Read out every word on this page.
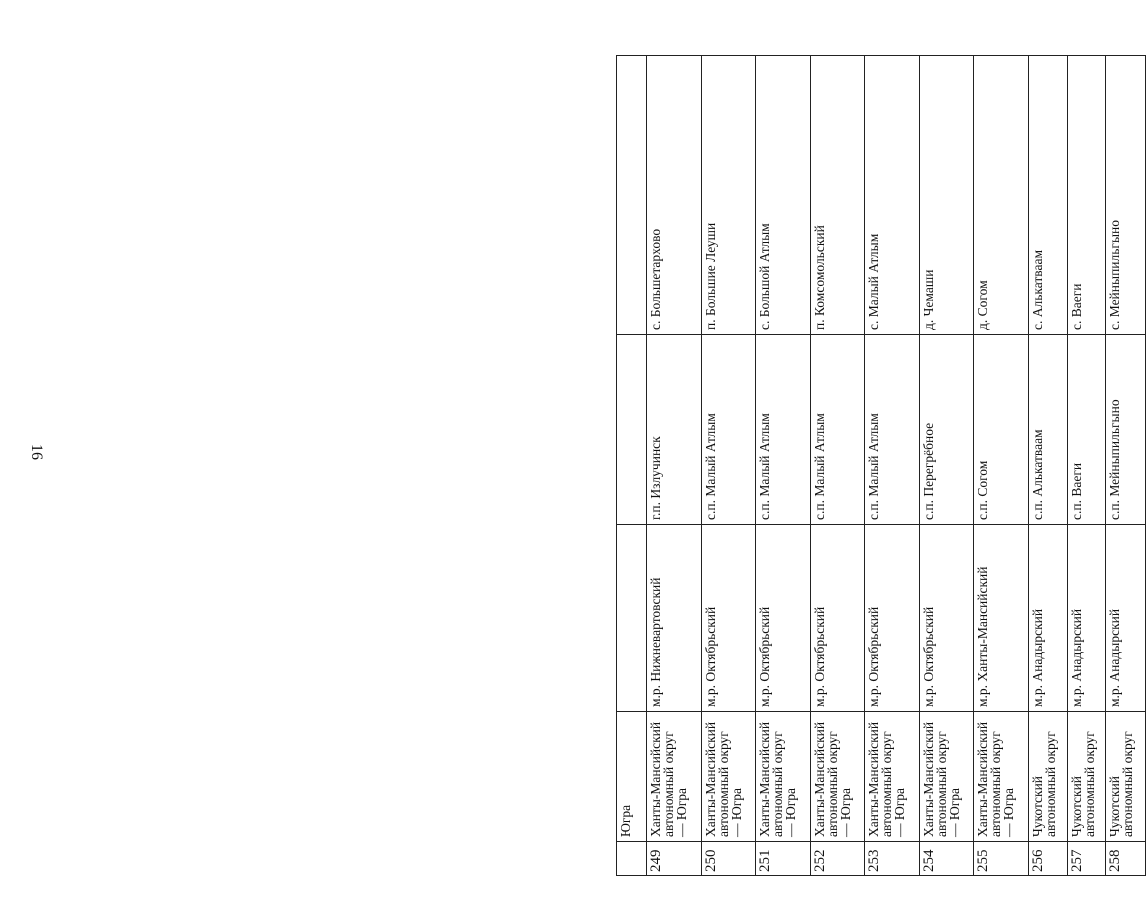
16
	Югра			
249	Ханты-Мансийский автономный округ — Югра	м.р. Нижневартовский	г.п. Излучинск	с. Большетархово
250	Ханты-Мансийский автономный округ — Югра	м.р. Октябрьский	с.п. Малый Атлым	п. Большие Леуши
251	Ханты-Мансийский автономный округ — Югра	м.р. Октябрьский	с.п. Малый Атлым	с. Большой Атлым
252	Ханты-Мансийский автономный округ — Югра	м.р. Октябрьский	с.п. Малый Атлым	п. Комсомольский
253	Ханты-Мансийский автономный округ — Югра	м.р. Октябрьский	с.п. Малый Атлым	с. Малый Атлым
254	Ханты-Мансийский автономный округ — Югра	м.р. Октябрьский	с.п. Перегрёбное	д. Чемаши
255	Ханты-Мансийский автономный округ — Югра	м.р. Ханты-Мансийский	с.п. Согом	д. Согом
256	Чукотский автономный округ	м.р. Анадырский	с.п. Алькатваам	с. Алькатваам
257	Чукотский автономный округ	м.р. Анадырский	с.п. Ваеги	с. Ваеги
258	Чукотский автономный округ	м.р. Анадырский	с.п. Мейныпильгыно	с. Мейныпильгыно
